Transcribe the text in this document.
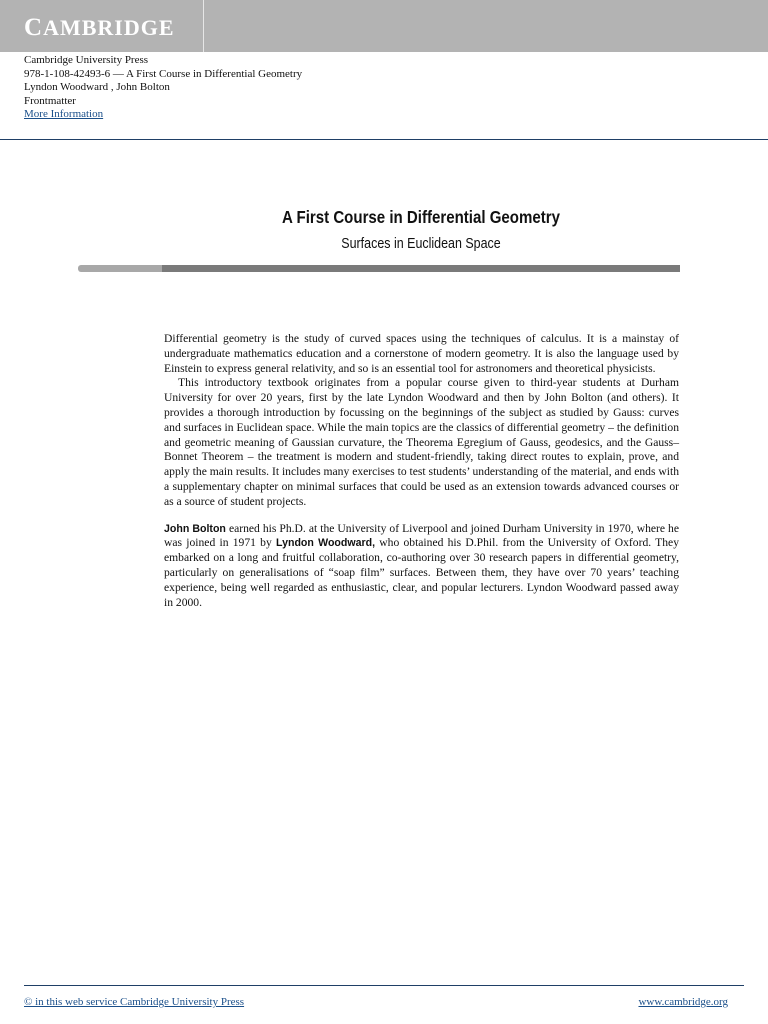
CAMBRIDGE
Cambridge University Press
978-1-108-42493-6 — A First Course in Differential Geometry
Lyndon Woodward , John Bolton
Frontmatter
More Information
A First Course in Differential Geometry
Surfaces in Euclidean Space

Differential geometry is the study of curved spaces using the techniques of calculus. It is a mainstay of undergraduate mathematics education and a cornerstone of modern geometry. It is also the language used by Einstein to express general relativity, and so is an essential tool for astronomers and theoretical physicists.

This introductory textbook originates from a popular course given to third-year students at Durham University for over 20 years, first by the late Lyndon Woodward and then by John Bolton (and others). It provides a thorough introduction by focussing on the beginnings of the subject as studied by Gauss: curves and surfaces in Euclidean space. While the main topics are the classics of differential geometry – the definition and geometric meaning of Gaussian curvature, the Theorema Egregium of Gauss, geodesics, and the Gauss–Bonnet Theorem – the treatment is modern and student-friendly, taking direct routes to explain, prove, and apply the main results. It includes many exercises to test students’ understanding of the material, and ends with a supplementary chapter on minimal surfaces that could be used as an extension towards advanced courses or as a source of student projects.

John Bolton earned his Ph.D. at the University of Liverpool and joined Durham University in 1970, where he was joined in 1971 by Lyndon Woodward, who obtained his D.Phil. from the University of Oxford. They embarked on a long and fruitful collaboration, co-authoring over 30 research papers in differential geometry, particularly on generalisations of “soap film” surfaces. Between them, they have over 70 years’ teaching experience, being well regarded as enthusiastic, clear, and popular lecturers. Lyndon Woodward passed away in 2000.

© in this web service Cambridge University Press	www.cambridge.org
